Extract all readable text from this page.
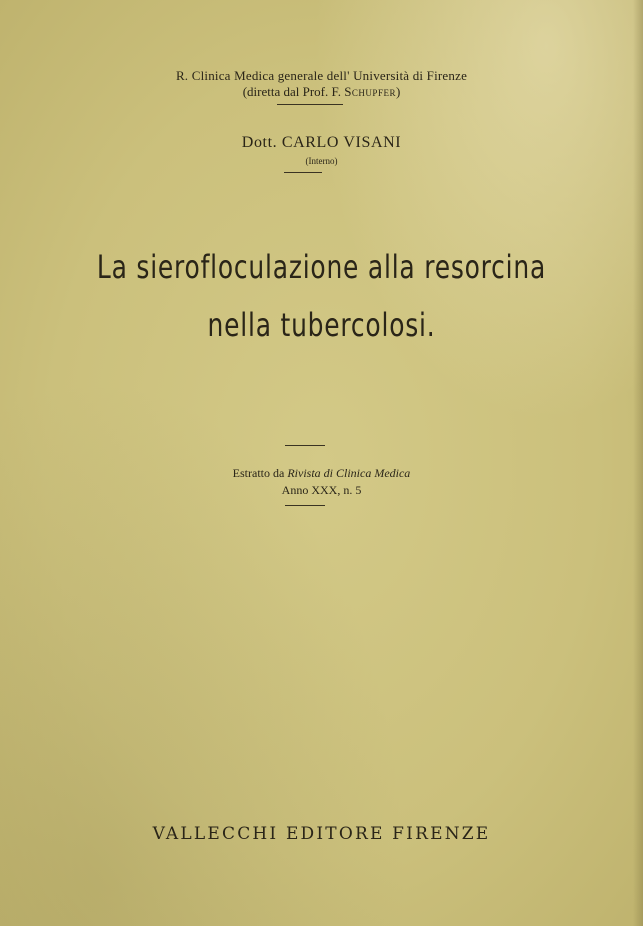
R. Clinica Medica generale dell' Università di Firenze
(diretta dal Prof. F. Schupfer)
Dott. CARLO VISANI
(Interno)
La sierofloculazione alla resorcina
nella tubercolosi.
Estratto da Rivista di Clinica Medica
Anno XXX, n. 5
VALLECCHI EDITORE FIRENZE
